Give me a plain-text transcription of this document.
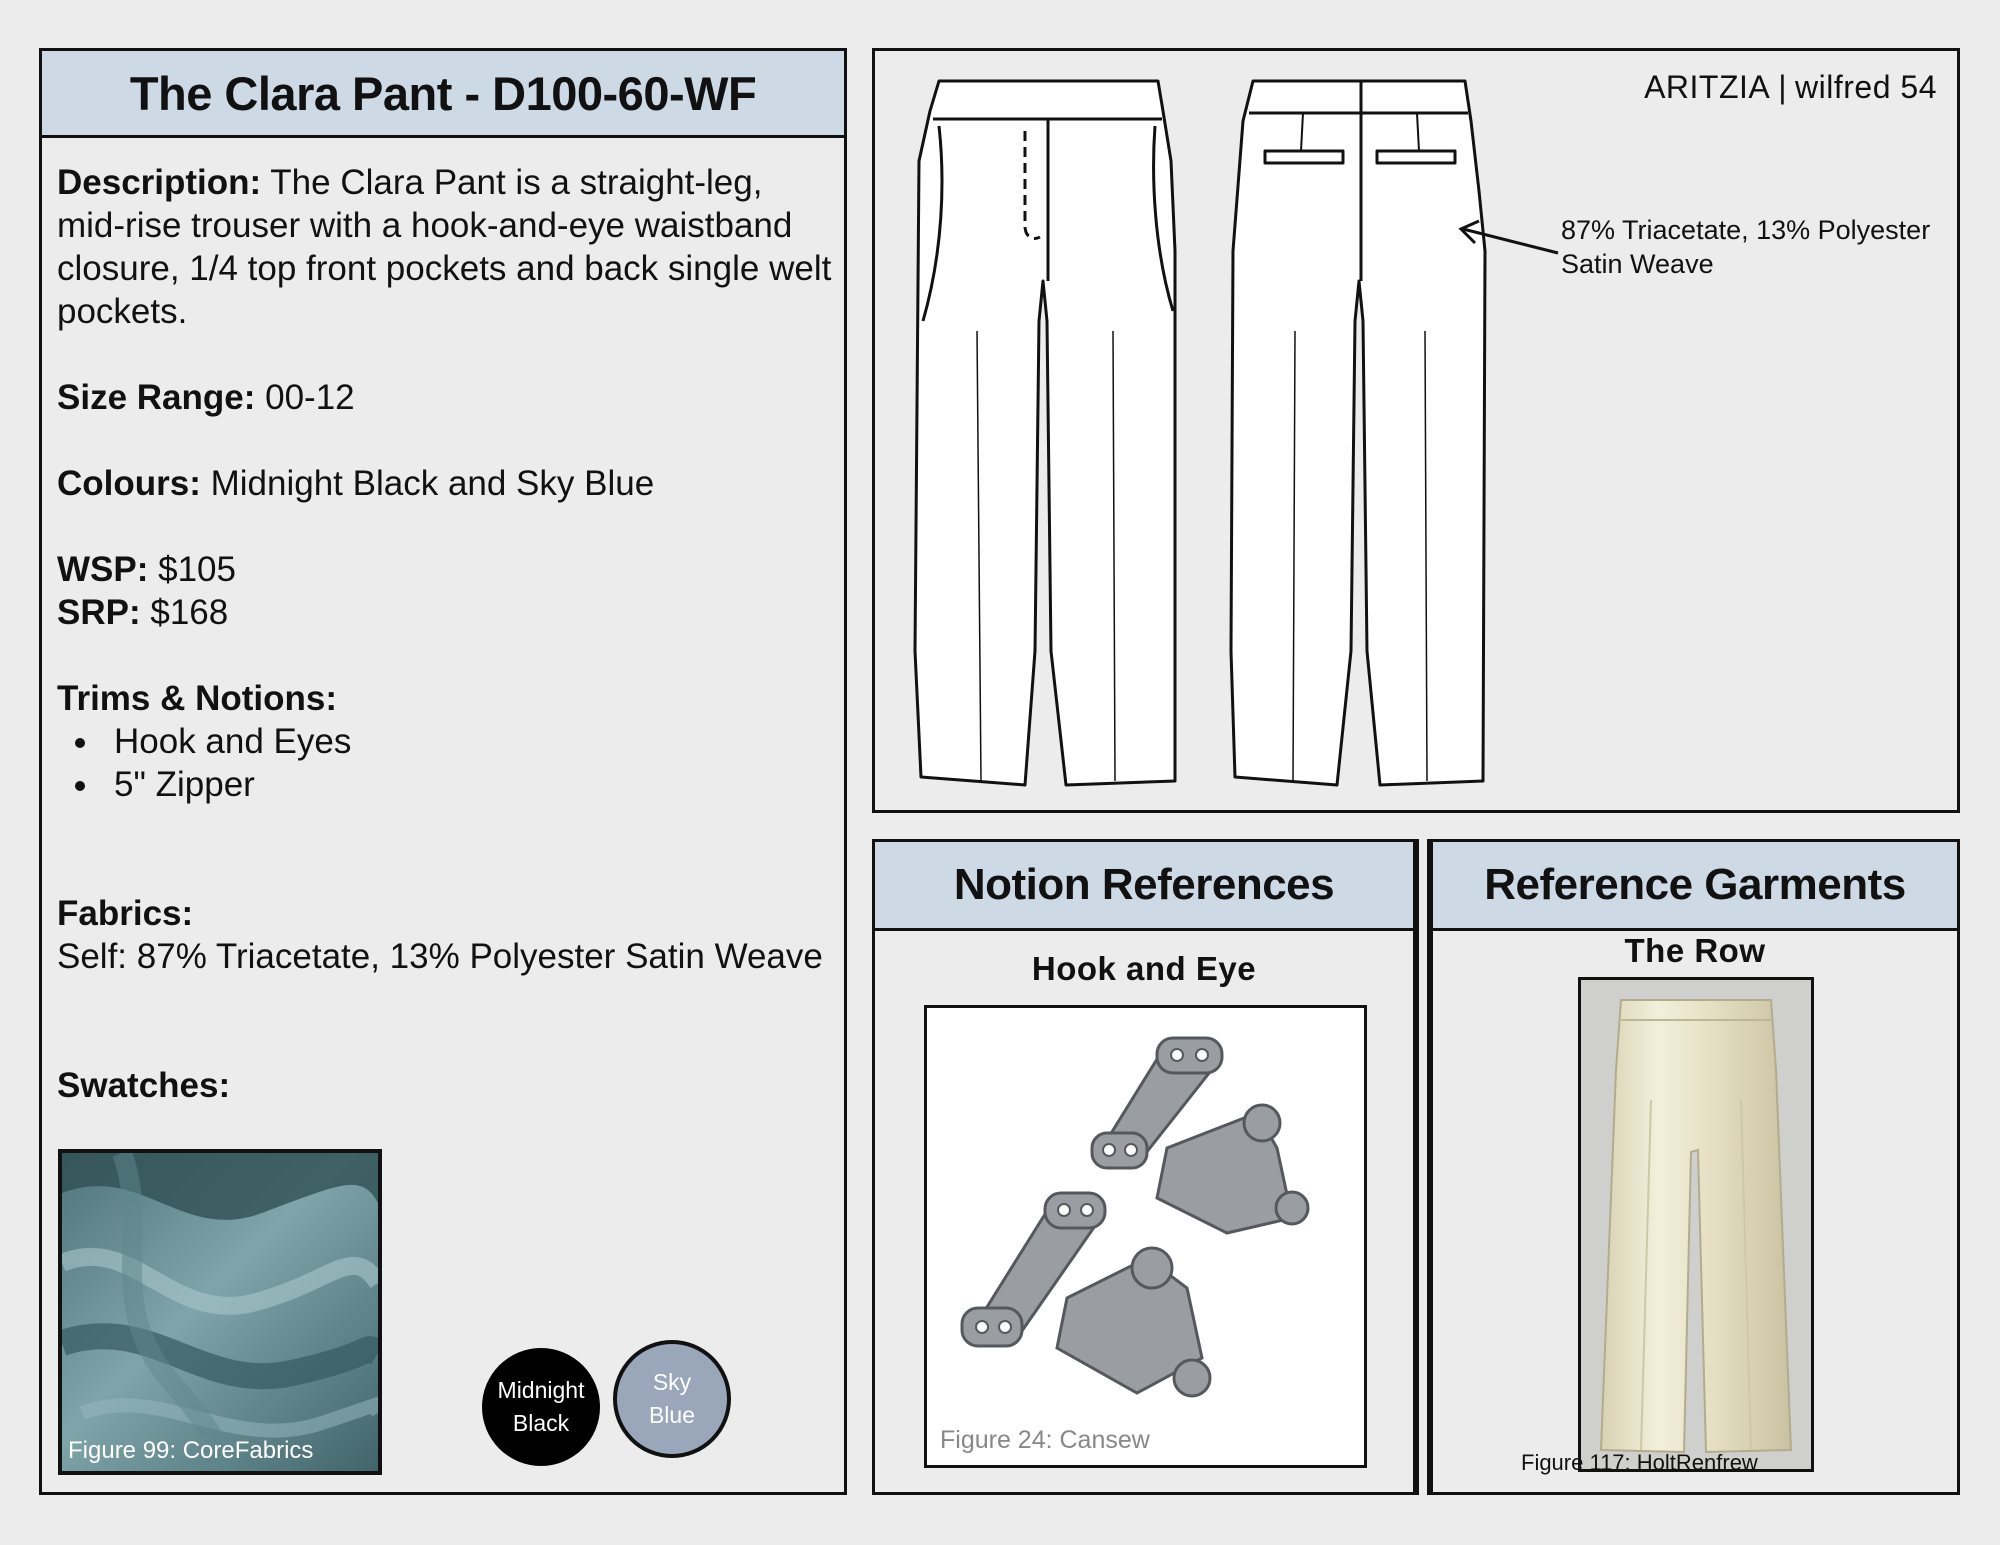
The Clara Pant - D100-60-WF
Description: The Clara Pant is a straight-leg, mid-rise trouser with a hook-and-eye waistband closure, 1/4 top front pockets and back single welt pockets.
Size Range: 00-12
Colours: Midnight Black and Sky Blue
WSP: $105
SRP: $168
Trims & Notions:
• Hook and Eyes
• 5" Zipper
Fabrics:
Self: 87% Triacetate, 13% Polyester Satin Weave
Swatches:
Figure 99: CoreFabrics
Midnight
Black
Sky
Blue
ARITZIA | wilfred 54
87% Triacetate, 13% Polyester
Satin Weave
Notion References
Hook and Eye
Figure 24: Cansew
Reference Garments
The Row
Figure 117: HoltRenfrew
